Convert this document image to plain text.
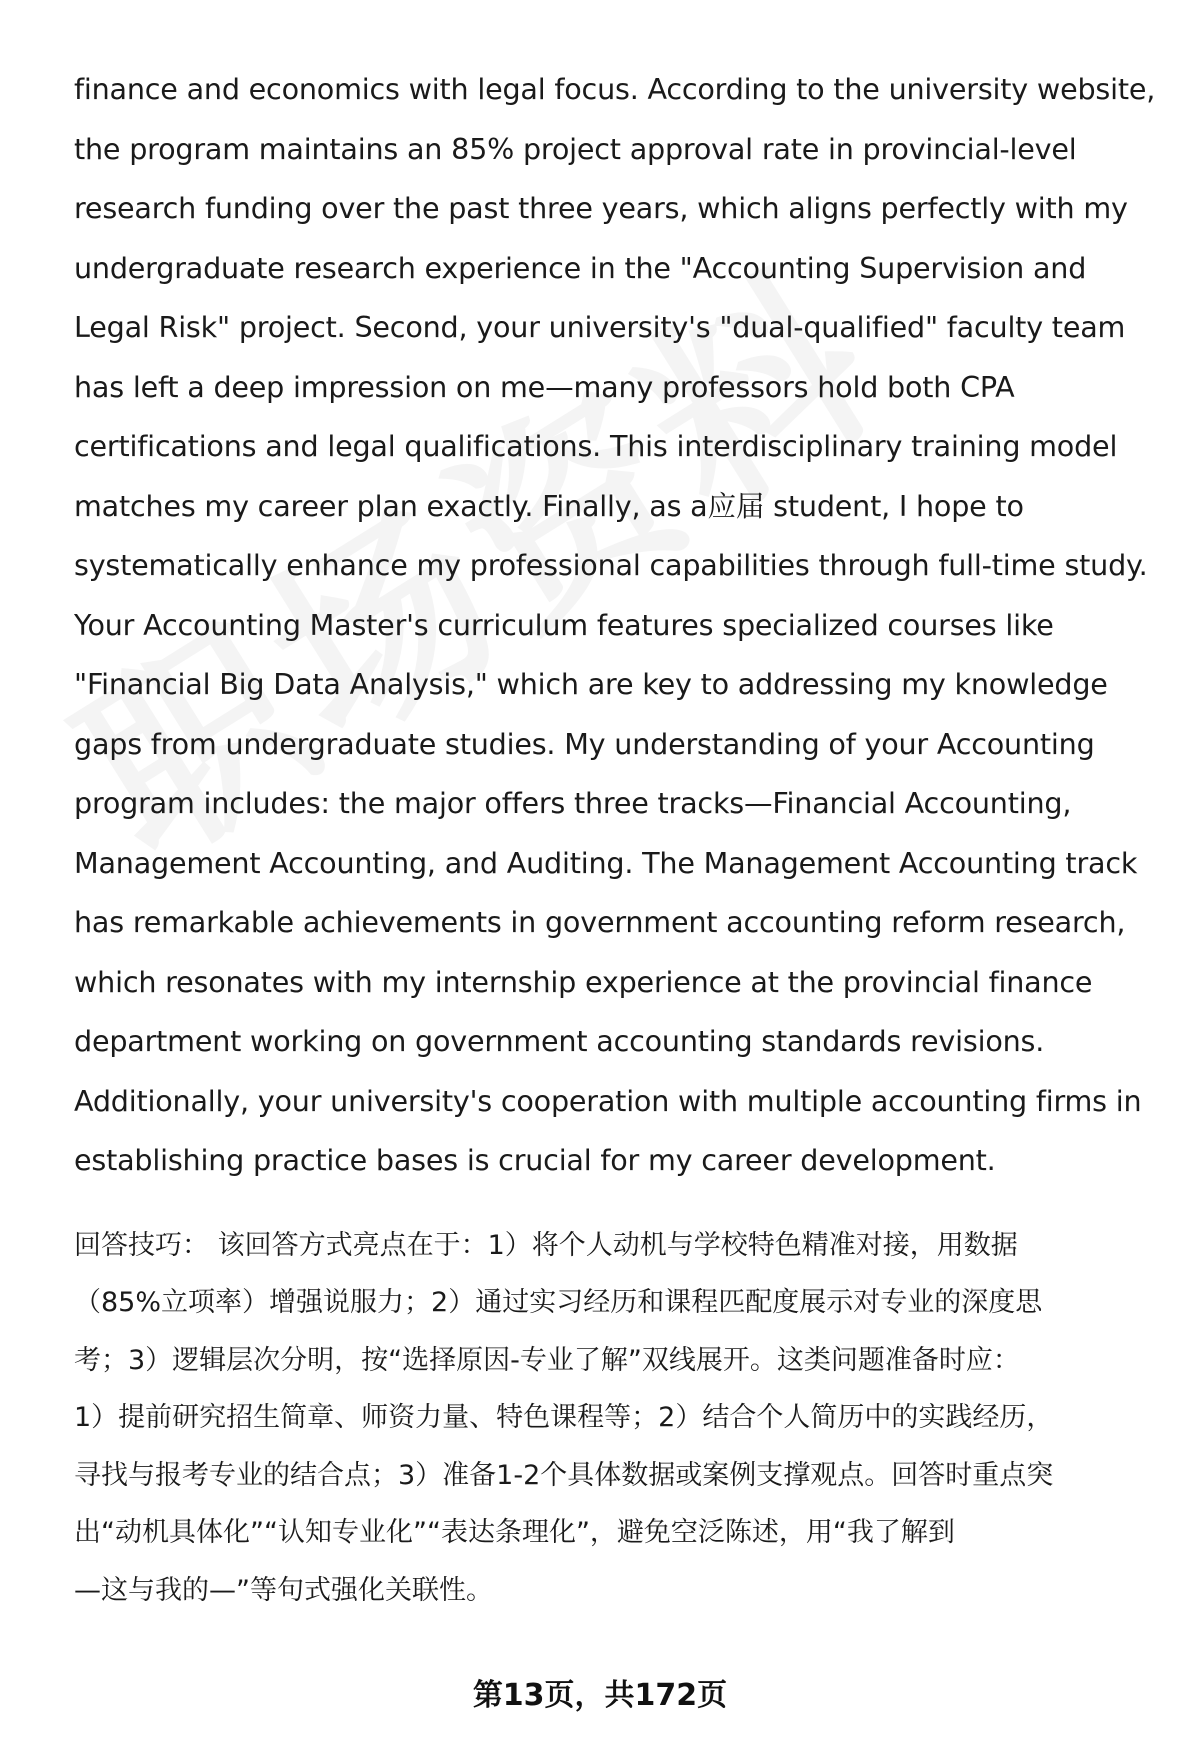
finance and economics with legal focus. According to the university website,
the program maintains an 85% project approval rate in provincial-level
research funding over the past three years, which aligns perfectly with my
undergraduate research experience in the "Accounting Supervision and
Legal Risk" project. Second, your university's "dual-qualified" faculty team
has left a deep impression on me—many professors hold both CPA
certifications and legal qualifications. This interdisciplinary training model
matches my career plan exactly. Finally, as a应届 student, I hope to
systematically enhance my professional capabilities through full-time study.
Your Accounting Master's curriculum features specialized courses like
"Financial Big Data Analysis," which are key to addressing my knowledge
gaps from undergraduate studies. My understanding of your Accounting
program includes: the major offers three tracks—Financial Accounting,
Management Accounting, and Auditing. The Management Accounting track
has remarkable achievements in government accounting reform research,
which resonates with my internship experience at the provincial finance
department working on government accounting standards revisions.
Additionally, your university's cooperation with multiple accounting firms in
establishing practice bases is crucial for my career development.

回答技巧： 该回答方式亮点在于：1）将个人动机与学校特色精准对接，用数据
（85%立项率）增强说服力；2）通过实习经历和课程匹配度展示对专业的深度思
考；3）逻辑层次分明，按“选择原因-专业了解”双线展开。这类问题准备时应：
1）提前研究招生简章、师资力量、特色课程等；2）结合个人简历中的实践经历，
寻找与报考专业的结合点；3）准备1-2个具体数据或案例支撑观点。回答时重点突
出“动机具体化”“认知专业化”“表达条理化”，避免空泛陈述，用“我了解到
—这与我的—”等句式强化关联性。

第13页，共172页
